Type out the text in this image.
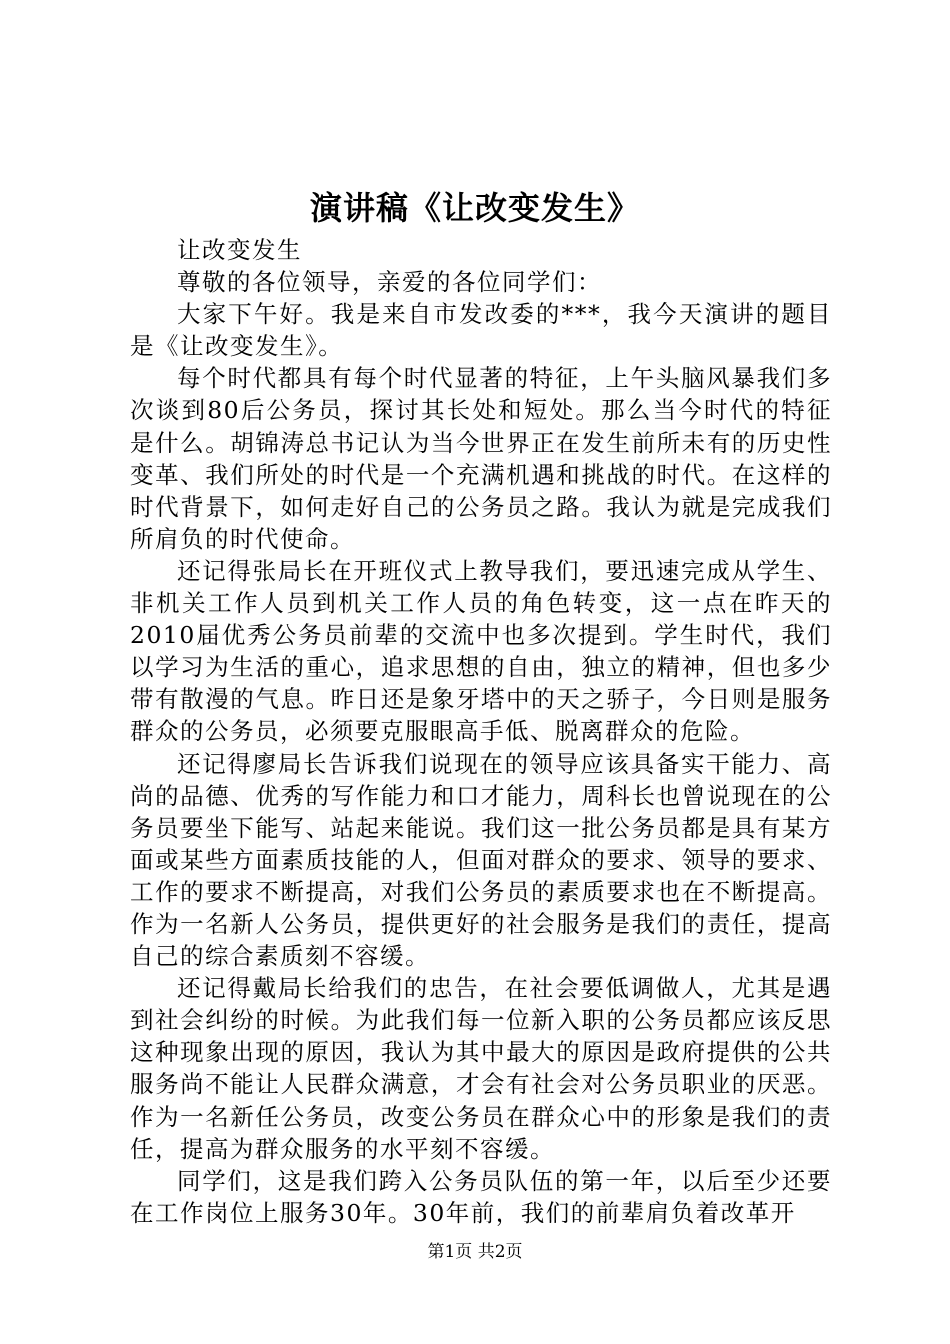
演讲稿《让改变发生》

让改变发生

尊敬的各位领导，亲爱的各位同学们：

大家下午好。我是来自市发改委的***，我今天演讲的题目是《让改变发生》。

每个时代都具有每个时代显著的特征，上午头脑风暴我们多次谈到80后公务员，探讨其长处和短处。那么当今时代的特征是什么。胡锦涛总书记认为当今世界正在发生前所未有的历史性变革、我们所处的时代是一个充满机遇和挑战的时代。在这样的时代背景下，如何走好自己的公务员之路。我认为就是完成我们所肩负的时代使命。

还记得张局长在开班仪式上教导我们，要迅速完成从学生、非机关工作人员到机关工作人员的角色转变，这一点在昨天的2010届优秀公务员前辈的交流中也多次提到。学生时代，我们以学习为生活的重心，追求思想的自由，独立的精神，但也多少带有散漫的气息。昨日还是象牙塔中的天之骄子，今日则是服务群众的公务员，必须要克服眼高手低、脱离群众的危险。

还记得廖局长告诉我们说现在的领导应该具备实干能力、高尚的品德、优秀的写作能力和口才能力，周科长也曾说现在的公务员要坐下能写、站起来能说。我们这一批公务员都是具有某方面或某些方面素质技能的人，但面对群众的要求、领导的要求、工作的要求不断提高，对我们公务员的素质要求也在不断提高。作为一名新人公务员，提供更好的社会服务是我们的责任，提高自己的综合素质刻不容缓。

还记得戴局长给我们的忠告，在社会要低调做人，尤其是遇到社会纠纷的时候。为此我们每一位新入职的公务员都应该反思这种现象出现的原因，我认为其中最大的原因是政府提供的公共服务尚不能让人民群众满意，才会有社会对公务员职业的厌恶。作为一名新任公务员，改变公务员在群众心中的形象是我们的责任，提高为群众服务的水平刻不容缓。

同学们，这是我们跨入公务员队伍的第一年，以后至少还要在工作岗位上服务30年。30年前，我们的前辈肩负着改革开

第1页 共2页
